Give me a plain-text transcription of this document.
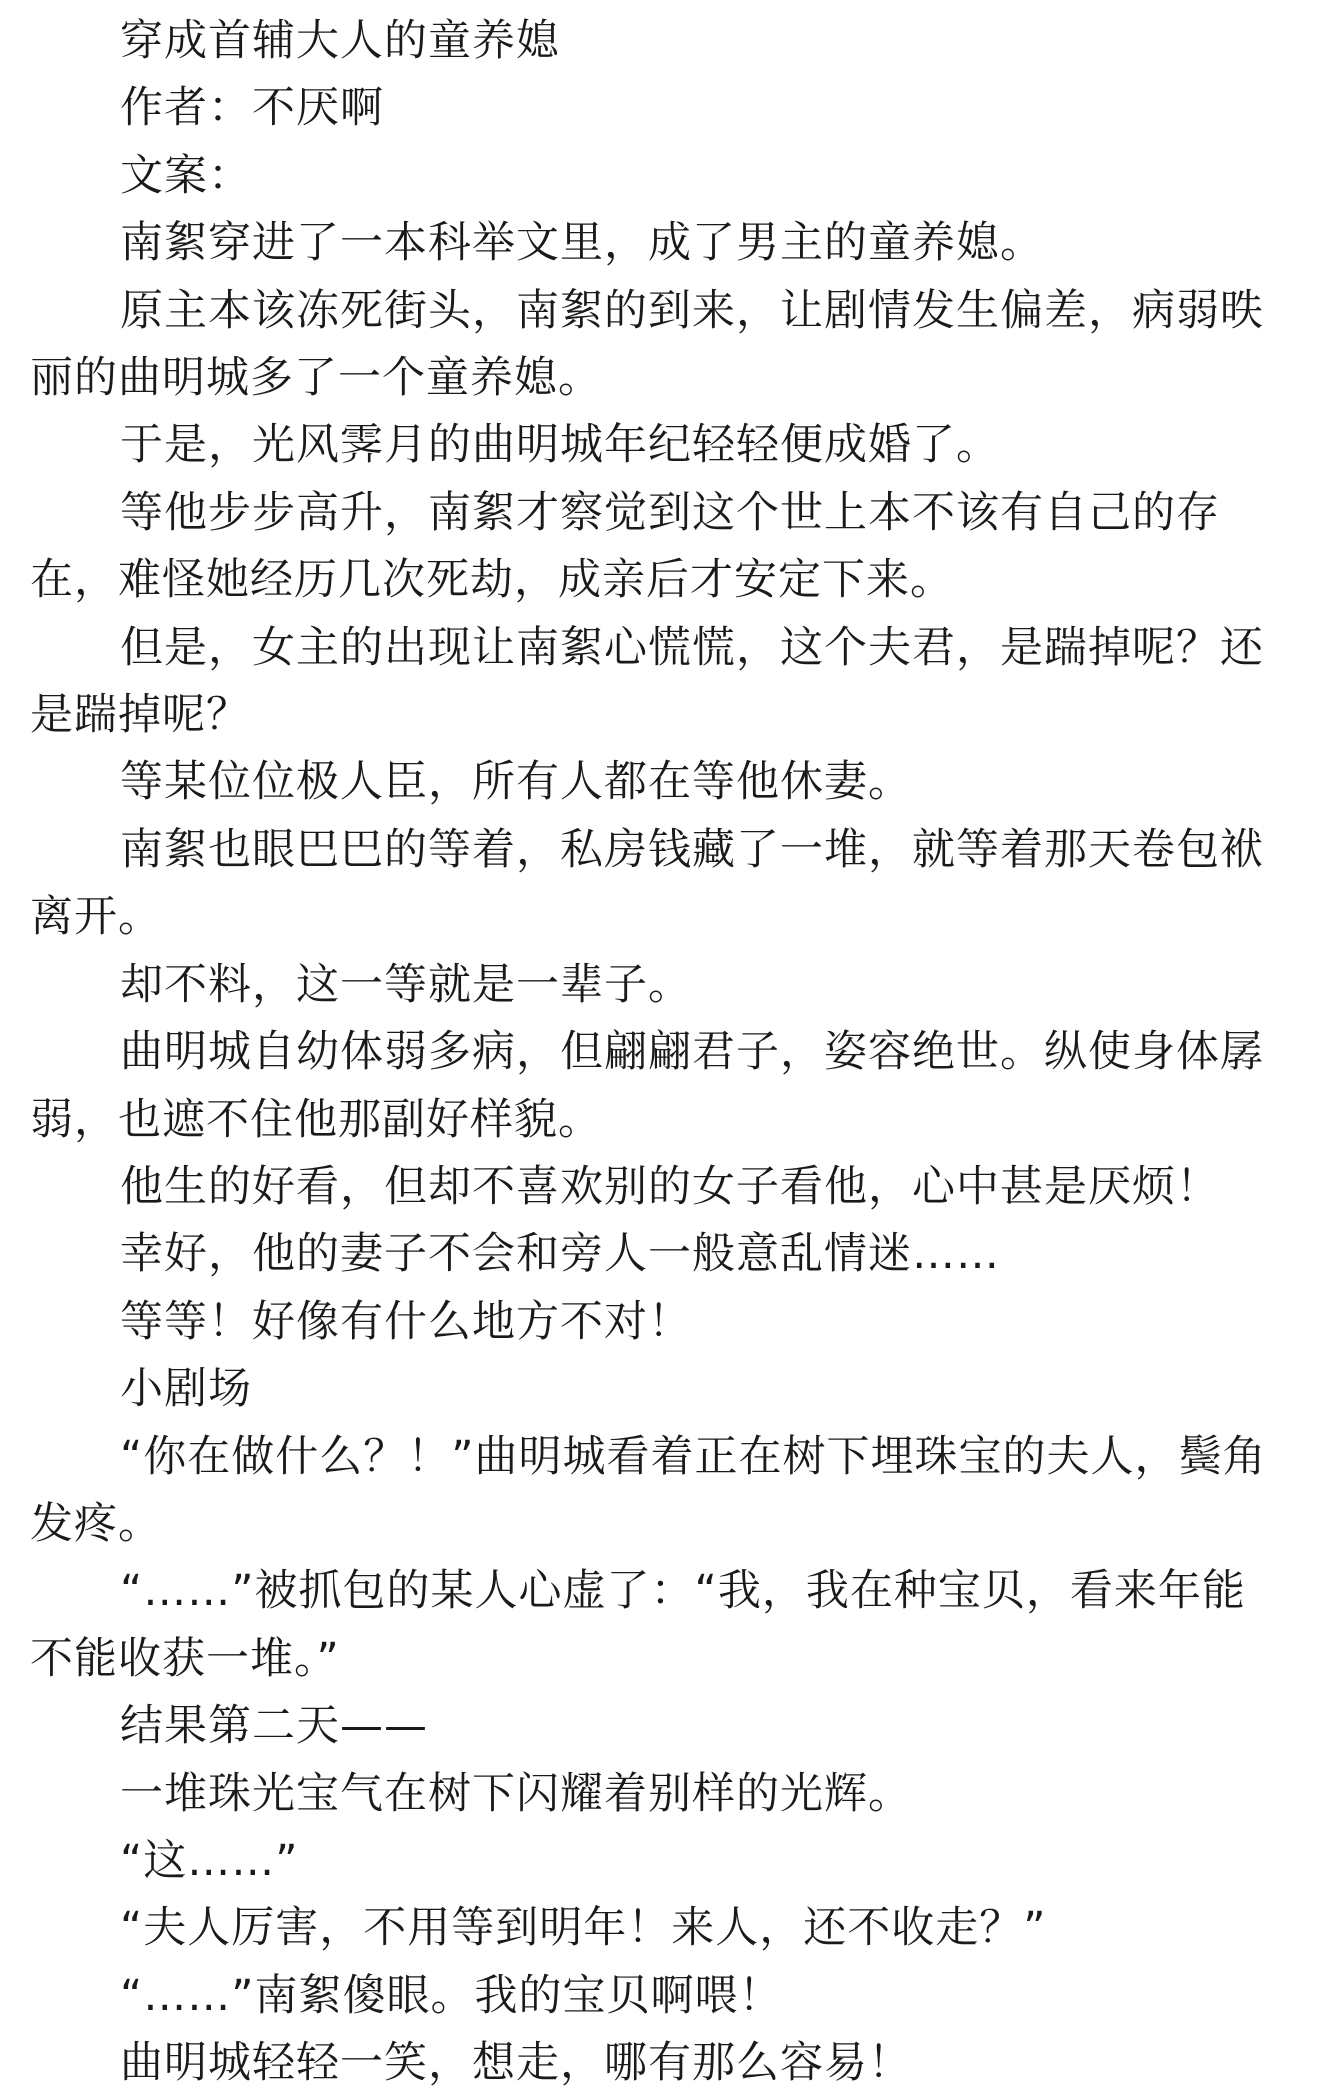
穿成首辅大人的童养媳

作者：不厌啊

文案：

南絮穿进了一本科举文里，成了男主的童养媳。

原主本该冻死街头，南絮的到来，让剧情发生偏差，病弱昳丽的曲明城多了一个童养媳。

于是，光风霁月的曲明城年纪轻轻便成婚了。

等他步步高升，南絮才察觉到这个世上本不该有自己的存在，难怪她经历几次死劫，成亲后才安定下来。

但是，女主的出现让南絮心慌慌，这个夫君，是踹掉呢？还是踹掉呢？

等某位位极人臣，所有人都在等他休妻。

南絮也眼巴巴的等着，私房钱藏了一堆，就等着那天卷包袱离开。

却不料，这一等就是一辈子。

曲明城自幼体弱多病，但翩翩君子，姿容绝世。纵使身体孱弱，也遮不住他那副好样貌。

他生的好看，但却不喜欢别的女子看他，心中甚是厌烦！

幸好，他的妻子不会和旁人一般意乱情迷……

等等！好像有什么地方不对！

小剧场

“你在做什么？！”曲明城看着正在树下埋珠宝的夫人，鬓角发疼。

“……”被抓包的某人心虚了：“我，我在种宝贝，看来年能不能收获一堆。”

结果第二天——

一堆珠光宝气在树下闪耀着别样的光辉。

“这……”

“夫人厉害，不用等到明年！来人，还不收走？”

“……”南絮傻眼。我的宝贝啊喂！

曲明城轻轻一笑，想走，哪有那么容易！
